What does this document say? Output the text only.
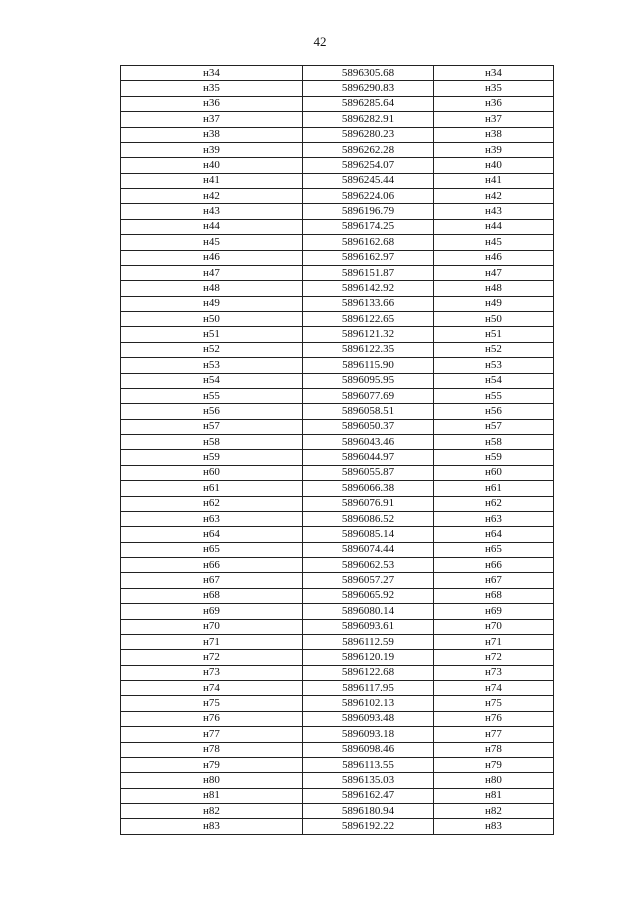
42
н34	5896305.68	н34
н35	5896290.83	н35
н36	5896285.64	н36
н37	5896282.91	н37
н38	5896280.23	н38
н39	5896262.28	н39
н40	5896254.07	н40
н41	5896245.44	н41
н42	5896224.06	н42
н43	5896196.79	н43
н44	5896174.25	н44
н45	5896162.68	н45
н46	5896162.97	н46
н47	5896151.87	н47
н48	5896142.92	н48
н49	5896133.66	н49
н50	5896122.65	н50
н51	5896121.32	н51
н52	5896122.35	н52
н53	5896115.90	н53
н54	5896095.95	н54
н55	5896077.69	н55
н56	5896058.51	н56
н57	5896050.37	н57
н58	5896043.46	н58
н59	5896044.97	н59
н60	5896055.87	н60
н61	5896066.38	н61
н62	5896076.91	н62
н63	5896086.52	н63
н64	5896085.14	н64
н65	5896074.44	н65
н66	5896062.53	н66
н67	5896057.27	н67
н68	5896065.92	н68
н69	5896080.14	н69
н70	5896093.61	н70
н71	5896112.59	н71
н72	5896120.19	н72
н73	5896122.68	н73
н74	5896117.95	н74
н75	5896102.13	н75
н76	5896093.48	н76
н77	5896093.18	н77
н78	5896098.46	н78
н79	5896113.55	н79
н80	5896135.03	н80
н81	5896162.47	н81
н82	5896180.94	н82
н83	5896192.22	н83
